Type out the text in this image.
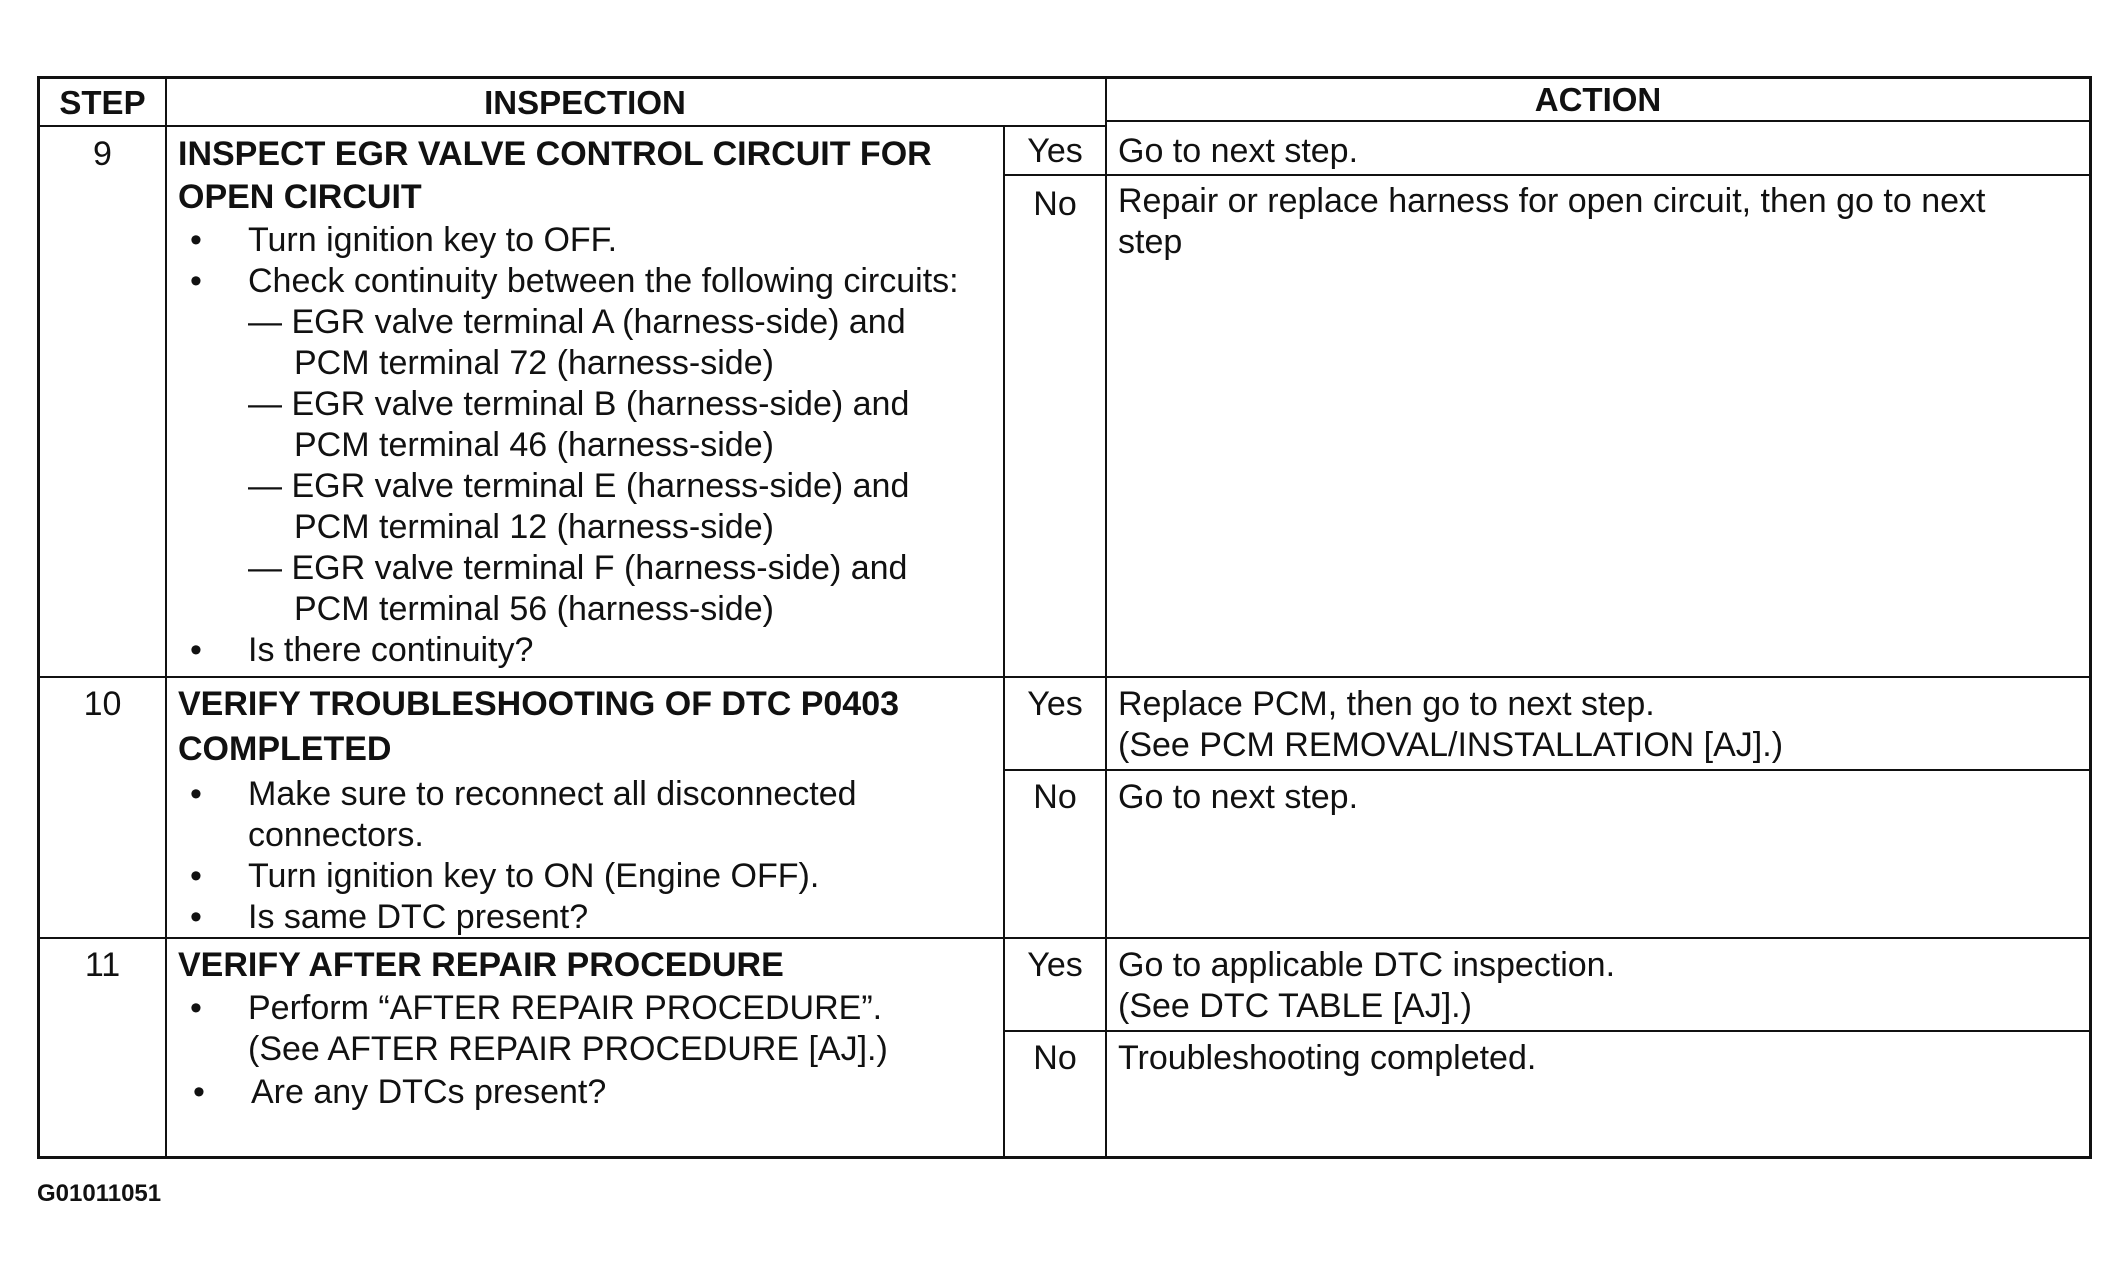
STEP	INSPECTION	ACTION
9	INSPECT EGR VALVE CONTROL CIRCUIT FOR
OPEN CIRCUIT
• Turn ignition key to OFF.
• Check continuity between the following circuits:
— EGR valve terminal A (harness-side) and
PCM terminal 72 (harness-side)
— EGR valve terminal B (harness-side) and
PCM terminal 46 (harness-side)
— EGR valve terminal E (harness-side) and
PCM terminal 12 (harness-side)
— EGR valve terminal F (harness-side) and
PCM terminal 56 (harness-side)
• Is there continuity?
Yes	Go to next step.
No	Repair or replace harness for open circuit, then go to next
step
10	VERIFY TROUBLESHOOTING OF DTC P0403
COMPLETED
• Make sure to reconnect all disconnected
connectors.
• Turn ignition key to ON (Engine OFF).
• Is same DTC present?
Yes	Replace PCM, then go to next step.
(See PCM REMOVAL/INSTALLATION [AJ].)
No	Go to next step.
11	VERIFY AFTER REPAIR PROCEDURE
• Perform “AFTER REPAIR PROCEDURE”.
(See AFTER REPAIR PROCEDURE [AJ].)
• Are any DTCs present?
Yes	Go to applicable DTC inspection.
(See DTC TABLE [AJ].)
No	Troubleshooting completed.
G01011051
